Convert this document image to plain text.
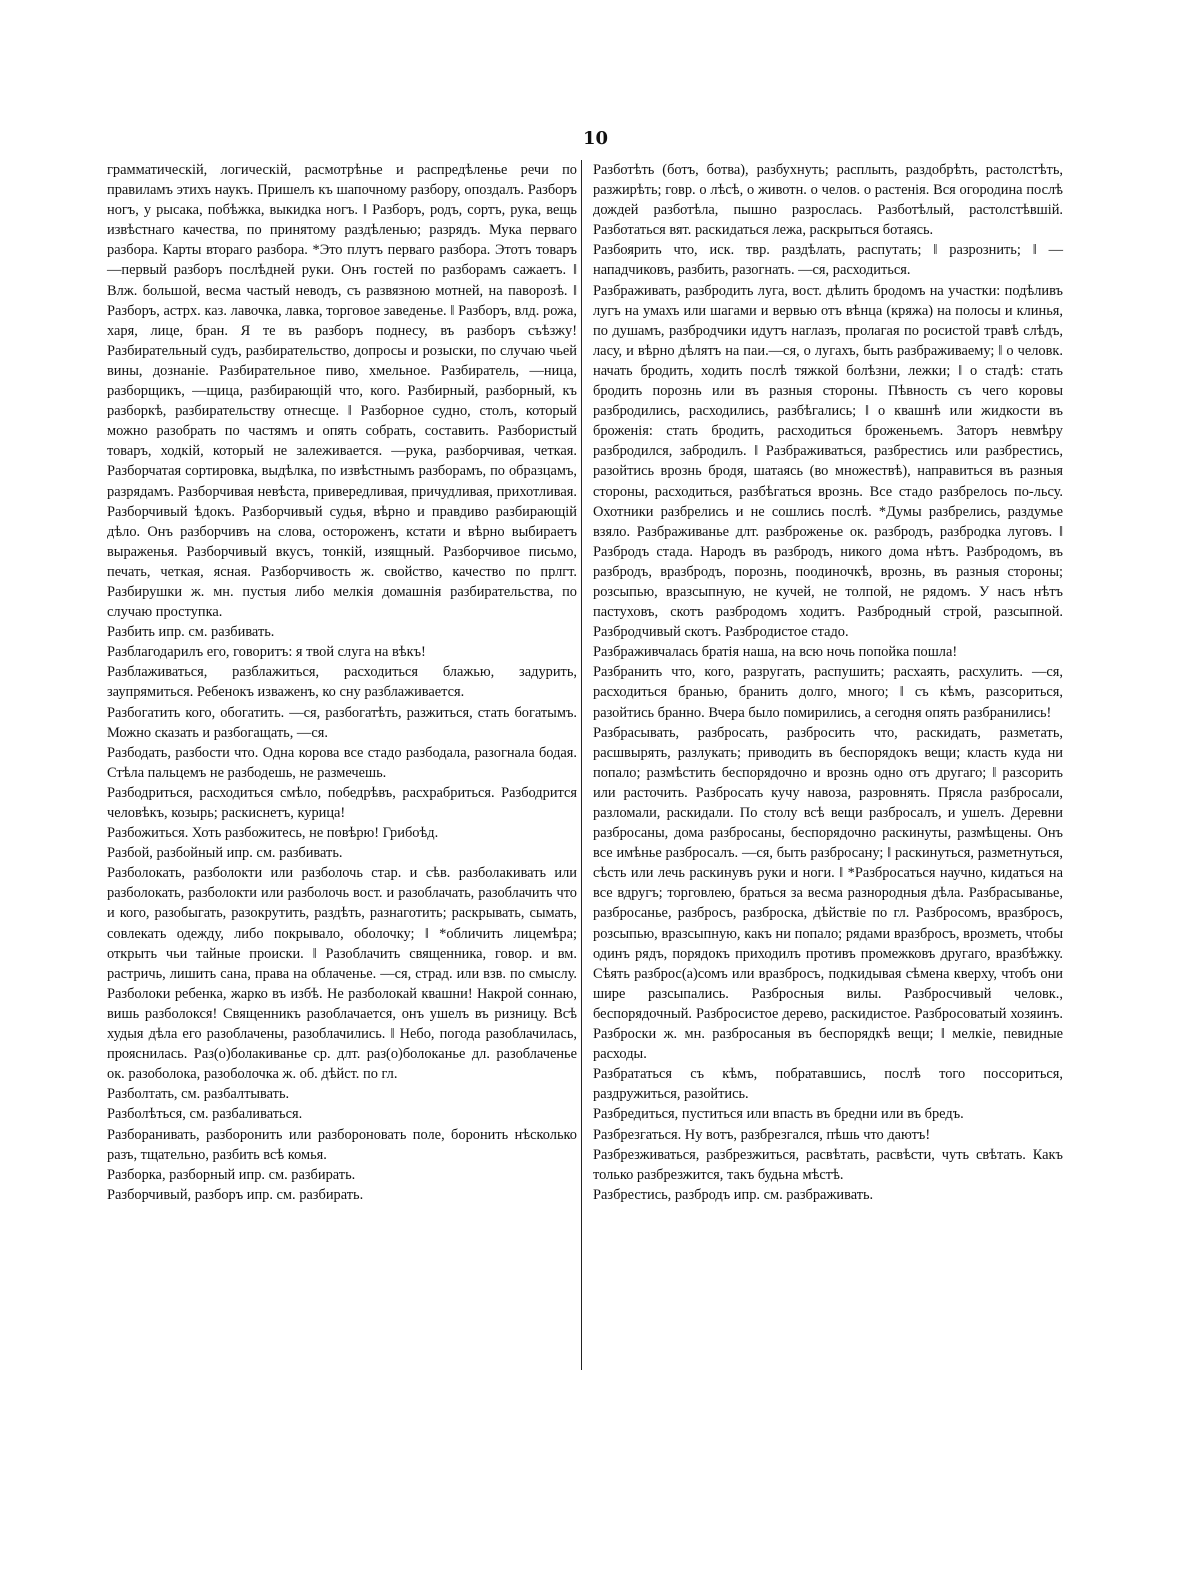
10

грамматическій, логическій, расмотрѣнье и распредѣленье речи по правиламъ этихъ наукъ. Пришелъ къ шапочному разбору, опоздалъ. Разборъ ногъ, у рысака, побѣжка, выкидка ногъ. ‖ Разборъ, родъ, сортъ, рука, вещь извѣстнаго качества, по принятому раздѣленью; разрядъ. Мука перваго разбора. Карты втораго разбора. *Это плутъ перваго разбора. Этотъ товаръ—первый разборъ послѣдней руки. Онъ гостей по разборамъ сажаетъ. ‖ Влж. большой, весма частый неводъ, съ развязною мотней, на паворозѣ. ‖ Разборъ, астрх. каз. лавочка, лавка, торговое заведенье. ‖ Разборъ, влд. рожа, харя, лице, бран. Я те въ разборъ поднесу, въ разборъ съѣзжу! Разбирательный судъ, разбирательство, допросы и розыски, по случаю чьей вины, дознаніе. Разбирательное пиво, хмельное. Разбиратель, —ница, разборщикъ, —щица, разбирающій что, кого. Разбирный, разборный, къ разборкѣ, разбирательству отнесще. ‖ Разборное судно, столъ, который можно разобрать по частямъ и опять собрать, составить. Разбористый товаръ, ходкій, который не залеживается. —рука, разборчивая, четкая. Разборчатая сортировка, выдѣлка, по извѣстнымъ разборамъ, по образцамъ, разрядамъ. Разборчивая невѣста, привередливая, причудливая, прихотливая. Разборчивый ѣдокъ. Разборчивый судья, вѣрно и правдиво разбирающій дѣло. Онъ разборчивъ на слова, остороженъ, кстати и вѣрно выбираетъ выраженья. Разборчивый вкусъ, тонкій, изящный. Разборчивое письмо, печать, четкая, ясная. Разборчивость ж. свойство, качество по прлгт. Разбирушки ж. мн. пустыя либо мелкія домашнія разбирательства, по случаю проступка.

Разбить ипр. см. разбивать.

Разблагодарилъ его, говоритъ: я твой слуга на вѣкъ!

Разблаживаться, разблажиться, расходиться блажью, задурить, заупрямиться. Ребенокъ изваженъ, ко сну разблаживается.

Разбогатить кого, обогатить. —ся, разбогатѣть, разжиться, стать богатымъ. Можно сказать и разбогащать, —ся.

Разбодать, разбости что. Одна корова все стадо разбодала, разогнала бодая. Стѣла пальцемъ не разбодешь, не размечешь.

Разбодриться, расходиться смѣло, победрѣвъ, расхрабриться. Разбодрится человѣкъ, козырь; раскиснетъ, курица!

Разбожиться. Хоть разбожитесь, не повѣрю! Грибоѣд.

Разбой, разбойный ипр. см. разбивать.

Разболокать, разболокти или разболочь стар. и сѣв. разболакивать или разболокать, разболокти или разболочь вост. и разоблачать, разоблачить что и кого, разобыгать, разокрутить, раздѣть, разнаготить; раскрывать, сымать, совлекать одежду, либо покрывало, оболочку; ‖ *обличить лицемѣра; открыть чьи тайные происки. ‖ Разоблачить священника, говор. и вм. растричь, лишить сана, права на облаченье. —ся, страд. или взв. по смыслу. Разболоки ребенка, жарко въ избѣ. Не разболокай квашни! Накрой соннаю, вишь разболокся! Священникъ разоблачается, онъ ушелъ въ ризницу. Всѣ худыя дѣла его разоблачены, разоблачились. ‖ Небо, погода разоблачилась, прояснилась. Раз(о)болакиванье ср. длт. раз(о)болоканье дл. разоблаченье ок. разоболока, разоболочка ж. об. дѣйст. по гл.

Разболтать, см. разбалтывать.

Разболѣться, см. разбаливаться.

Разборанивать, разборонить или разборонoвать поле, боронить нѣсколько разъ, тщательно, разбить всѣ комья.

Разборка, разборный ипр. см. разбирать.

Разборчивый, разборъ ипр. см. разбирать.

Разботѣть (ботъ, ботва), разбухнуть; расплыть, раздобрѣть, растолстѣть, разжирѣть; говр. о лѣсѣ, о животн. о челов. о растенія. Вся огородина послѣ дождей разботѣла, пышно разрослась. Разботѣлый, растолстѣвшій. Разботаться вят. раскидаться лежа, раскрыться ботаясь.

Разбоярить что, иск. твр. раздѣлать, распутать; ‖ разрознить; ‖ —нападчиковъ, разбить, разогнать. —ся, расходиться.

Разбраживать, разбродить луга, вост. дѣлить бродомъ на участки: подѣливъ лугъ на умахъ или шагами и вервью отъ вѣнца (кряжа) на полосы и клинья, по душамъ, разбродчики идутъ наглазъ, пролагая по росистой травѣ слѣдъ, ласу, и вѣрно дѣлятъ на паи.—ся, о лугахъ, быть разбраживаему; ‖ о человк. начать бродить, ходить послѣ тяжкой болѣзни, лежки; ‖ о стадѣ: стать бродить порознь или въ разныя стороны. Пѣвность съ чего коровы разбродились, расходились, разбѣгались; ‖ о квашнѣ или жидкости въ броженія: стать бродить, расходиться броженьемъ. Заторъ невмѣру разбродился, забродилъ. ‖ Разбраживаться, разбрестись или разбрестись, разойтись врознь бродя, шатаясь (во множествѣ), направиться въ разныя стороны, расходиться, разбѣгаться врознь. Все стадо разбрелось по-льсу. Охотники разбрелись и не сошлись послѣ. *Думы разбрелись, раздумье взяло. Разбраживанье длт. разброженье ок. разбродъ, разбродка луговъ. ‖ Разбродъ стада. Народъ въ разбродъ, никого дома нѣтъ. Разбродомъ, въ разбродъ, вразбродъ, порознь, поодиночкѣ, врознь, въ разныя стороны; розсыпью, вразсыпную, не кучей, не толпой, не рядомъ. У насъ нѣтъ пастуховъ, скотъ разбродомъ ходитъ. Разбродный строй, разсыпной. Разбродчивый скотъ. Разбродистое стадо.

Разбраживчалась братія наша, на всю ночь попойка пошла!

Разбранить что, кого, разругать, распушить; расхаять, расхулить. —ся, расходиться бранью, бранить долго, много; ‖ съ кѣмъ, разсориться, разойтись бранно. Вчера было помирились, а сегодня опять разбранились!

Разбрасывать, разбросать, разбросить что, раскидать, разметать, расшвырять, разлукать; приводить въ беспорядокъ вещи; класть куда ни попало; размѣстить беспорядочно и врознь одно отъ другаго; ‖ разсорить или расточить. Разбросать кучу навоза, разровнять. Прясла разбросали, разломали, раскидали. По столу всѣ вещи разбросалъ, и ушелъ. Деревни разбросаны, дома разбросаны, беспорядочно раскинуты, размѣщены. Онъ все имѣнье разбросалъ. —ся, быть разбросану; ‖ раскинуться, разметнуться, сѣсть или лечь раскинувъ руки и ноги. ‖ *Разбросаться научно, кидаться на все вдругъ; торговлею, браться за весма разнородныя дѣла. Разбрасыванье, разбросанье, разбросъ, разброска, дѣйствіе по гл. Разбросомъ, вразбросъ, розсыпью, вразсыпную, какъ ни попало; рядами вразбросъ, врозметь, чтобы одинъ рядъ, порядокъ приходилъ противъ промежковъ другаго, вразбѣжку. Сѣять разброс(а)сомъ или вразбросъ, подкидывая сѣмена кверху, чтобъ они шире разсыпались. Разбросныя вилы. Разбросчивый человк., беспорядочный. Разбросистое дерево, раскидистое. Разбросоватый хозяинъ. Разброски ж. мн. разбросаныя въ беспорядкѣ вещи; ‖ мелкіе, певидные расходы.

Разбрататься съ кѣмъ, побратавшись, послѣ того поссориться, раздружиться, разойтись.

Разбредиться, пуститься или впасть въ бредни или въ бредъ.

Разбрезгаться. Ну вотъ, разбрезгался, пѣшь что даютъ!

Разбрезживаться, разбрезжиться, расвѣтать, расвѣсти, чуть свѣтать. Какъ только разбрезжится, такъ будьна мѣстѣ.

Разбрестись, разбродъ ипр. см. разбраживать.
